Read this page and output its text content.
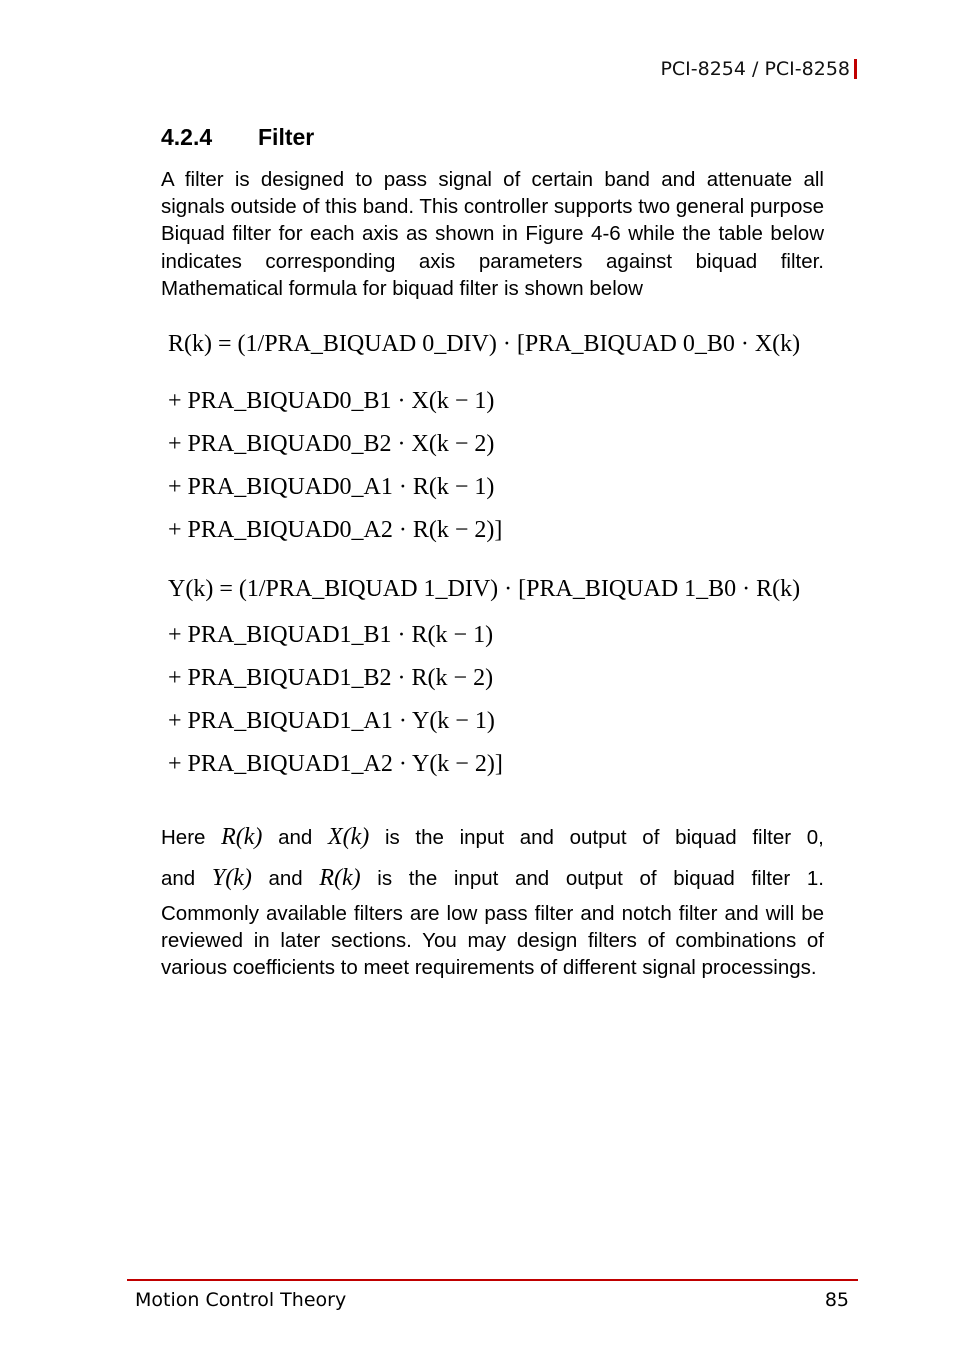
PCI-8254 / PCI-8258
4.2.4	Filter

A filter is designed to pass signal of certain band and attenuate all signals outside of this band. This controller supports two general purpose Biquad filter for each axis as shown in Figure 4-6 while the table below indicates corresponding axis parameters against biquad filter. Mathematical formula for biquad filter is shown below

R(k) = (1/PRA_BIQUAD 0_DIV) · [PRA_BIQUAD 0_B0 · X(k)
+ PRA_BIQUAD0_B1 · X(k − 1)
+ PRA_BIQUAD0_B2 · X(k − 2)
+ PRA_BIQUAD0_A1 · R(k − 1)
+ PRA_BIQUAD0_A2 · R(k − 2)]
Y(k) = (1/PRA_BIQUAD 1_DIV) · [PRA_BIQUAD 1_B0 · R(k)
+ PRA_BIQUAD1_B1 · R(k − 1)
+ PRA_BIQUAD1_B2 · R(k − 2)
+ PRA_BIQUAD1_A1 · Y(k − 1)
+ PRA_BIQUAD1_A2 · Y(k − 2)]
Here R(k) and X(k) is the input and output of biquad filter 0,
and Y(k) and R(k) is the input and output of biquad filter 1.

Commonly available filters are low pass filter and notch filter and will be reviewed in later sections. You may design filters of combinations of various coefficients to meet requirements of different signal processings.

Motion Control Theory	85
